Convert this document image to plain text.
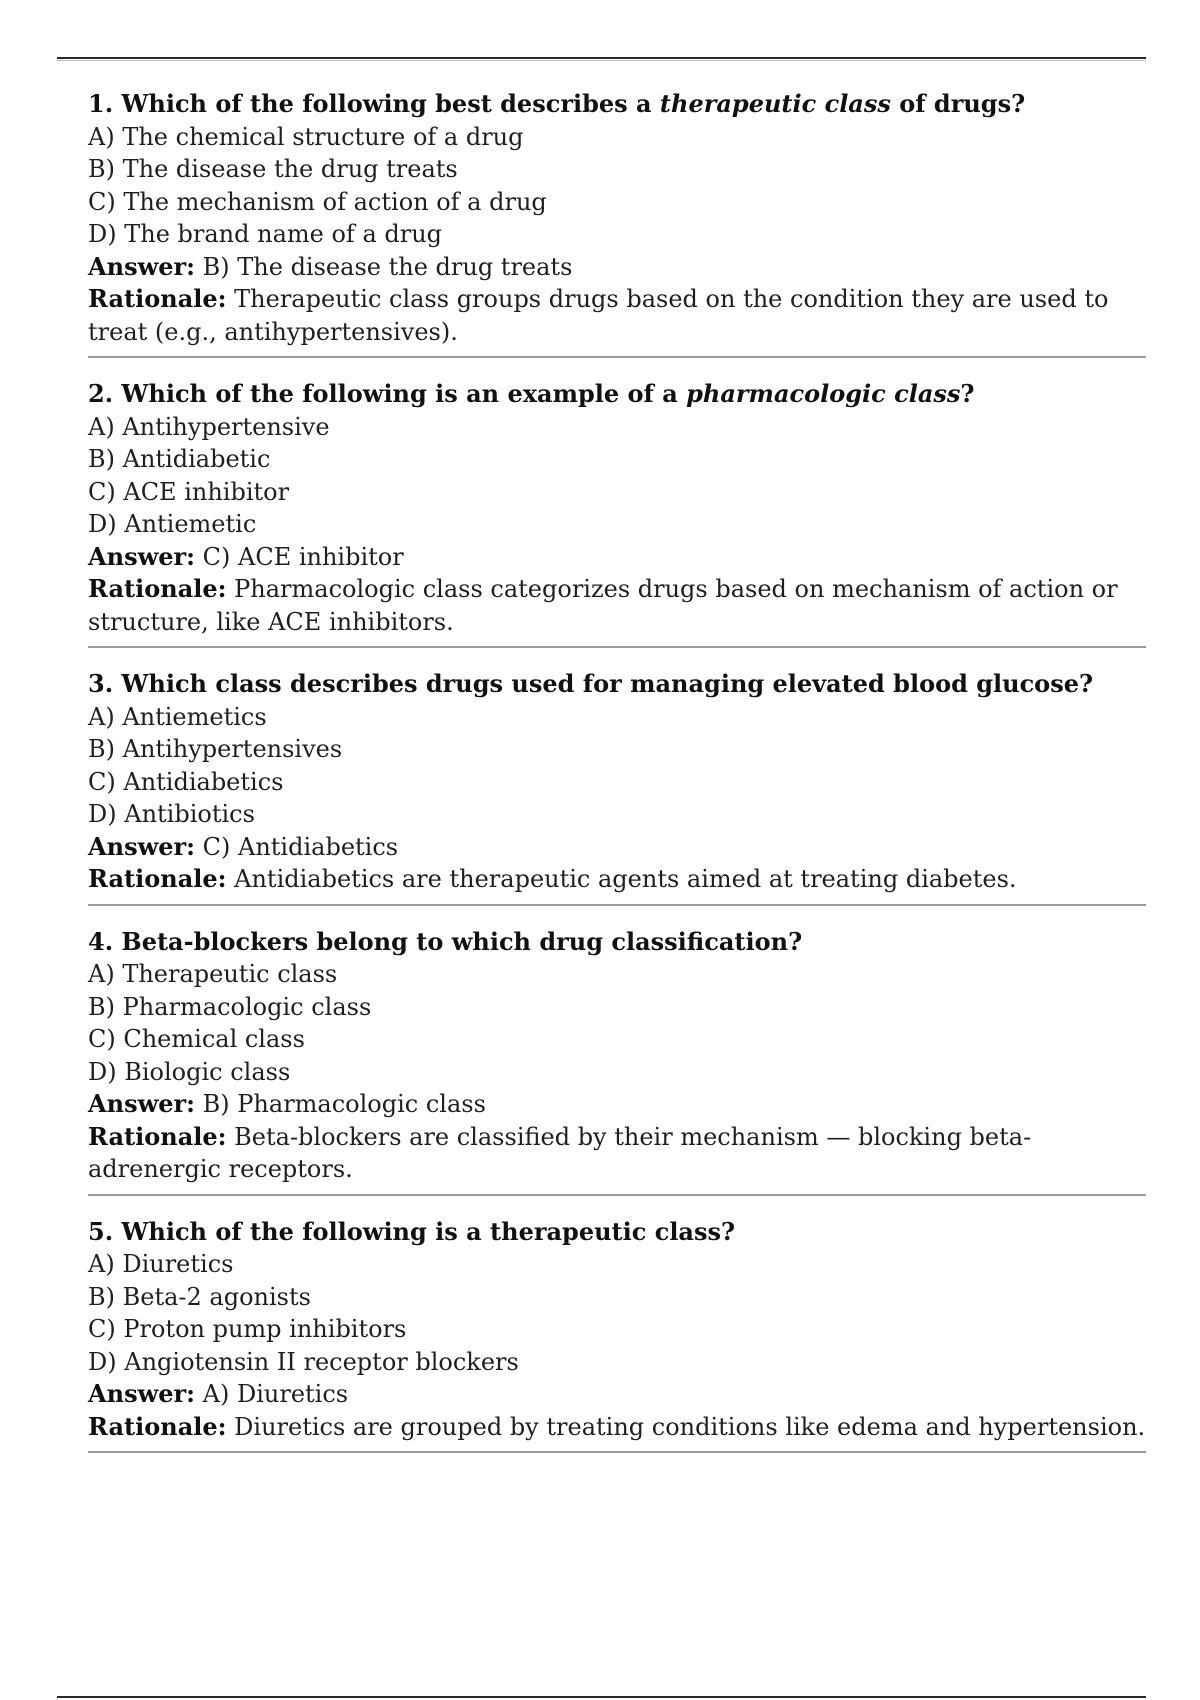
1. Which of the following best describes a therapeutic class of drugs?
A) The chemical structure of a drug
B) The disease the drug treats
C) The mechanism of action of a drug
D) The brand name of a drug
Answer: B) The disease the drug treats
Rationale: Therapeutic class groups drugs based on the condition they are used to treat (e.g., antihypertensives).
2. Which of the following is an example of a pharmacologic class?
A) Antihypertensive
B) Antidiabetic
C) ACE inhibitor
D) Antiemetic
Answer: C) ACE inhibitor
Rationale: Pharmacologic class categorizes drugs based on mechanism of action or structure, like ACE inhibitors.
3. Which class describes drugs used for managing elevated blood glucose?
A) Antiemetics
B) Antihypertensives
C) Antidiabetics
D) Antibiotics
Answer: C) Antidiabetics
Rationale: Antidiabetics are therapeutic agents aimed at treating diabetes.
4. Beta-blockers belong to which drug classification?
A) Therapeutic class
B) Pharmacologic class
C) Chemical class
D) Biologic class
Answer: B) Pharmacologic class
Rationale: Beta-blockers are classified by their mechanism — blocking beta-adrenergic receptors.
5. Which of the following is a therapeutic class?
A) Diuretics
B) Beta-2 agonists
C) Proton pump inhibitors
D) Angiotensin II receptor blockers
Answer: A) Diuretics
Rationale: Diuretics are grouped by treating conditions like edema and hypertension.
